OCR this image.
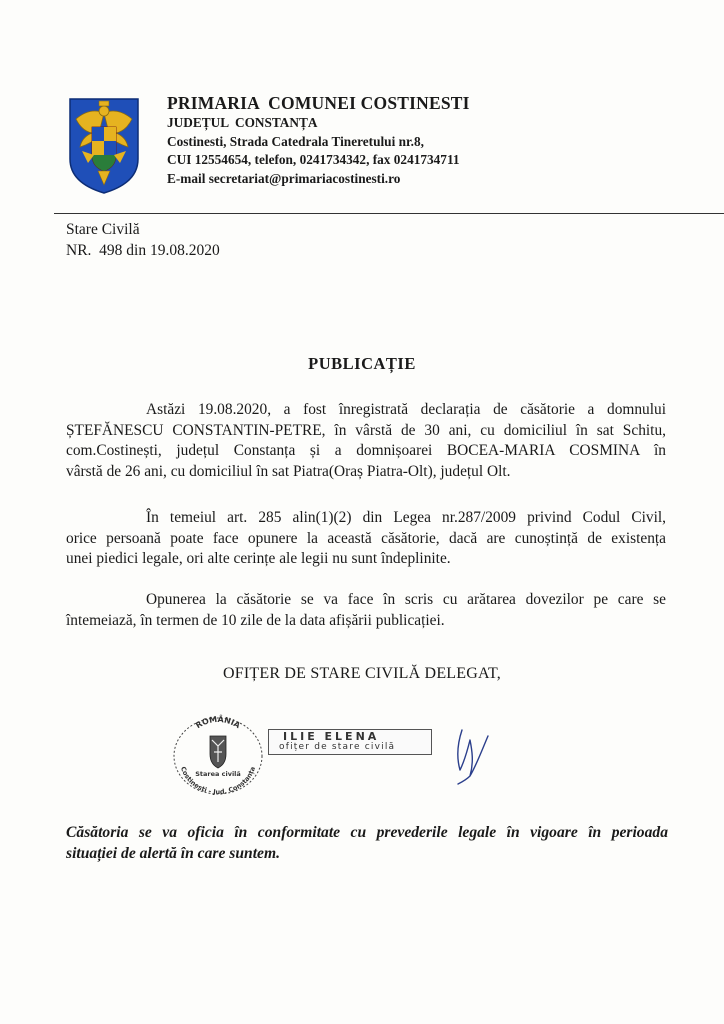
PRIMARIA  COMUNEI COSTINESTI
JUDEȚUL  CONSTANȚA
Costinesti, Strada Catedrala Tineretului nr.8,
CUI 12554654, telefon, 0241734342, fax 0241734711
E-mail secretariat@primariacostinesti.ro
Stare Civilă
NR.  498 din 19.08.2020
PUBLICAȚIE
Astăzi 19.08.2020, a fost înregistrată declarația de căsătorie a domnului
ȘTEFĂNESCU CONSTANTIN-PETRE, în vârstă de 30 ani, cu domiciliul în sat Schitu,
com.Costinești, județul Constanța și a domnișoarei BOCEA-MARIA COSMINA în
vârstă de 26 ani, cu domiciliul în sat Piatra(Oraș Piatra-Olt), județul Olt.
În temeiul art. 285 alin(1)(2) din Legea nr.287/2009 privind Codul Civil,
orice persoană poate face opunere la această căsătorie, dacă are cunoștință de existența
unei piedici legale, ori alte cerințe ale legii nu sunt îndeplinite.
Opunerea la căsătorie se va face în scris cu arătarea dovezilor pe care se
întemeiază, în termen de 10 zile de la data afișării publicației.
OFIȚER DE STARE CIVILĂ DELEGAT,
ROMÂNIA
Starea civilă
Costinești - Jud. Constanța
ILIE ELENA
ofițer de stare civilă
Căsătoria se va oficia în conformitate cu prevederile legale în vigoare în perioada
situației de alertă în care suntem.
